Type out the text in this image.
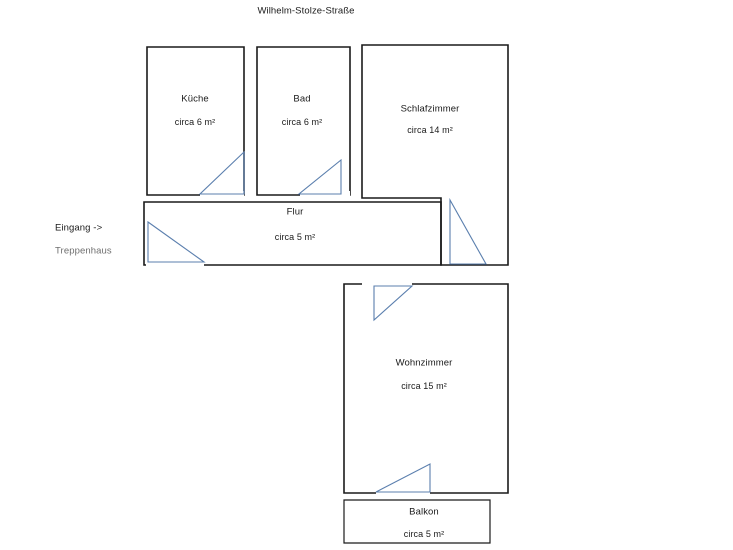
Wilhelm-Stolze-Straße
Eingang ->
Treppenhaus
Küche
circa 6 m²
Bad
circa 6 m²
Schlafzimmer
circa 14 m²
Flur
circa 5 m²
Wohnzimmer
circa 15 m²
Balkon
circa 5 m²
